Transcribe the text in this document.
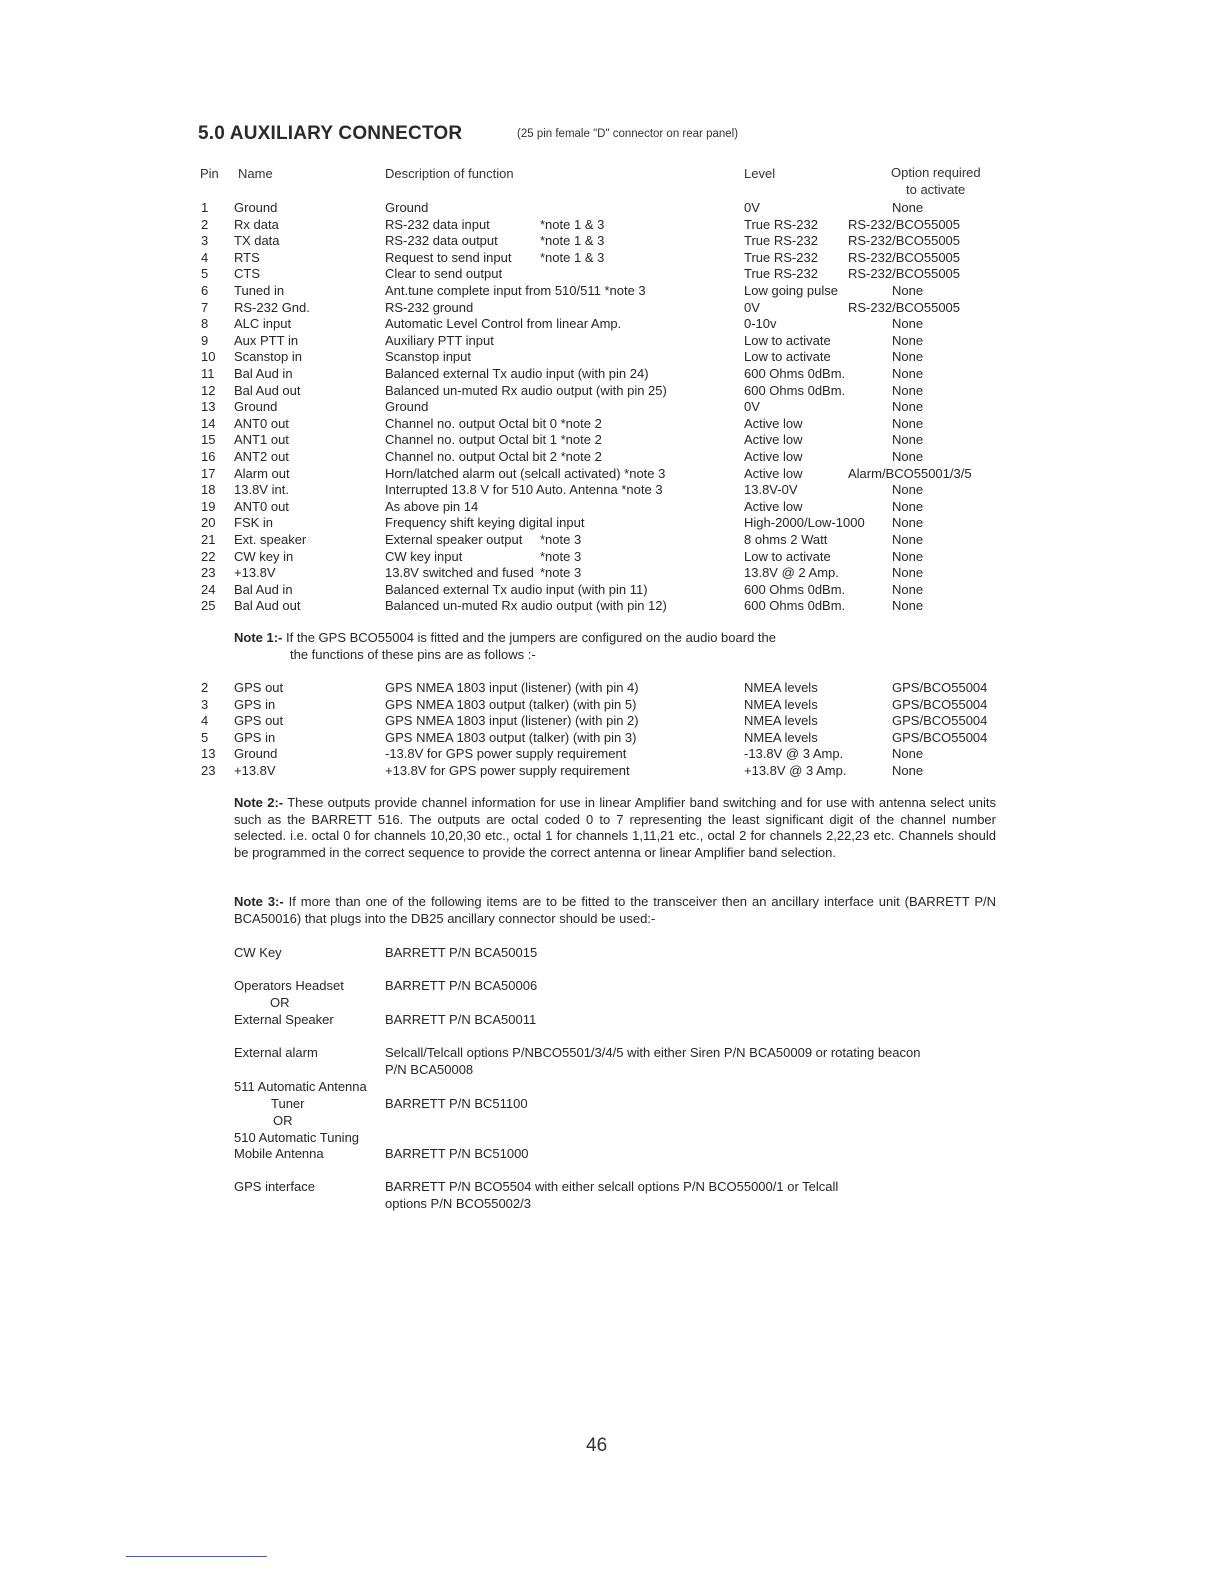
5.0 AUXILIARY CONNECTOR	(25 pin female "D" connector on rear panel)
Pin Name	Description of function	Level	Option required
to activate
1 Ground	Ground	0V	None
2 Rx data	RS-232 data input	*note 1 & 3	True RS-232 RS-232/BCO55005
3 TX data	RS-232 data output	*note 1 & 3	True RS-232 RS-232/BCO55005
4 RTS	Request to send input *note 1 & 3	True RS-232 RS-232/BCO55005
5 CTS	Clear to send output	True RS-232 RS-232/BCO55005
6 Tuned in	Ant.tune complete input from 510/511 *note 3	Low going pulse	None
7 RS-232 Gnd.	RS-232 ground	0V	RS-232/BCO55005
8 ALC input	Automatic Level Control from linear Amp.	0-10v	None
9 Aux PTT in	Auxiliary PTT input	Low to activate	None
10 Scanstop in	Scanstop input	Low to activate	None
11 Bal Aud in	Balanced external Tx audio input (with pin 24)	600 Ohms 0dBm.	None
12 Bal Aud out	Balanced un-muted Rx audio output (with pin 25)	600 Ohms 0dBm.	None
13 Ground	Ground	0V	None
14 ANT0 out	Channel no. output Octal bit 0 *note 2	Active low	None
15 ANT1 out	Channel no. output Octal bit 1 *note 2	Active low	None
16 ANT2 out	Channel no. output Octal bit 2 *note 2	Active low	None
17 Alarm out	Horn/latched alarm out (selcall activated) *note 3	Active low	Alarm/BCO55001/3/5
18 13.8V int.	Interrupted 13.8 V for 510 Auto. Antenna *note 3	13.8V-0V	None
19 ANT0 out	As above pin 14	Active low	None
20 FSK in	Frequency shift keying digital input	High-2000/Low-1000 None
21 Ext. speaker	External speaker output *note 3	8 ohms 2 Watt	None
22 CW key in	CW key input	*note 3	Low to activate	None
23 +13.8V	13.8V switched and fused *note 3	13.8V @ 2 Amp.	None
24 Bal Aud in	Balanced external Tx audio input (with pin 11)	600 Ohms 0dBm.	None
25 Bal Aud out	Balanced un-muted Rx audio output (with pin 12)	600 Ohms 0dBm.	None
Note 1:- If the GPS BCO55004 is fitted and the jumpers are configured on the audio board the
the functions of these pins are as follows :-
2 GPS out	GPS NMEA 1803 input (listener) (with pin 4)	NMEA levels	GPS/BCO55004
3 GPS in	GPS NMEA 1803 output (talker) (with pin 5)	NMEA levels	GPS/BCO55004
4 GPS out	GPS NMEA 1803 input (listener) (with pin 2)	NMEA levels	GPS/BCO55004
5 GPS in	GPS NMEA 1803 output (talker) (with pin 3)	NMEA levels	GPS/BCO55004
13 Ground	-13.8V for GPS power supply requirement	-13.8V @ 3 Amp.	None
23 +13.8V	+13.8V for GPS power supply requirement	+13.8V @ 3 Amp.	None
Note 2:- These outputs provide channel information for use in linear Amplifier band switching and for use with antenna select units such as the BARRETT 516. The outputs are octal coded 0 to 7 representing the least significant digit of the channel number selected. i.e. octal 0 for channels 10,20,30 etc., octal 1 for channels 1,11,21 etc., octal 2 for channels 2,22,23 etc. Channels should be programmed in the correct sequence to provide the correct antenna or linear Amplifier band selection.
Note 3:- If more than one of the following items are to be fitted to the transceiver then an ancillary interface unit (BARRETT P/N BCA50016) that plugs into the DB25 ancillary connector should be used:-
CW Key	BARRETT P/N BCA50015
Operators Headset	BARRETT P/N BCA50006
OR
External Speaker	BARRETT P/N BCA50011
External alarm	Selcall/Telcall options P/NBCO5501/3/4/5 with either Siren P/N BCA50009 or rotating beacon
P/N BCA50008
511 Automatic Antenna
Tuner	BARRETT P/N BC51100
OR
510 Automatic Tuning
Mobile Antenna	BARRETT P/N BC51000
GPS interface	BARRETT P/N BCO5504 with either selcall options P/N BCO55000/1 or Telcall
options P/N BCO55002/3
46
